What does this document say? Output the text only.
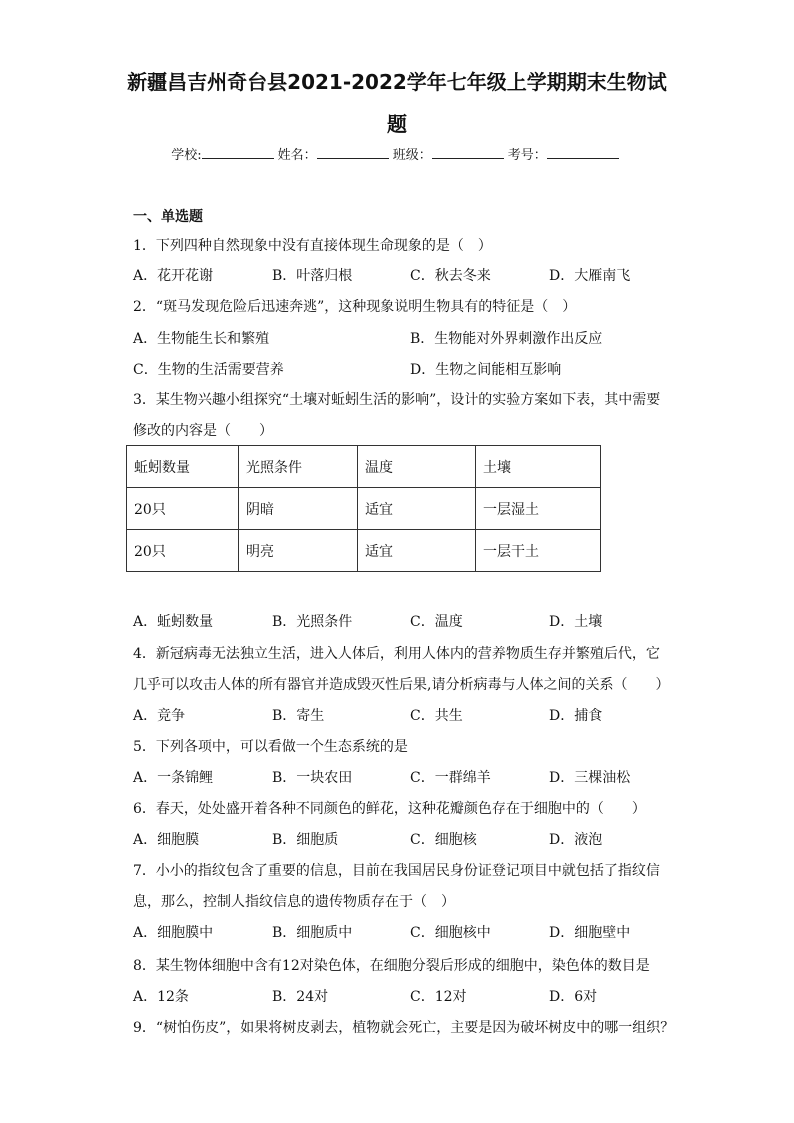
新疆昌吉州奇台县2021-2022学年七年级上学期期末生物试
题
学校:	姓名：	班级：	考号：
一、单选题
1．下列四种自然现象中没有直接体现生命现象的是（　）
A．花开花谢	B．叶落归根	C．秋去冬来	D．大雁南飞
2．“斑马发现危险后迅速奔逃”，这种现象说明生物具有的特征是（　）
A．生物能生长和繁殖	B．生物能对外界刺激作出反应
C．生物的生活需要营养	D．生物之间能相互影响
3．某生物兴趣小组探究“土壤对蚯蚓生活的影响”，设计的实验方案如下表，其中需要
修改的内容是（　　）
蚯蚓数量	光照条件	温度	土壤
20只	阴暗	适宜	一层湿土
20只	明亮	适宜	一层干土
A．蚯蚓数量	B．光照条件	C．温度	D．土壤
4．新冠病毒无法独立生活，进入人体后，利用人体内的营养物质生存并繁殖后代，它
几乎可以攻击人体的所有器官并造成毁灭性后果,请分析病毒与人体之间的关系（　　）
A．竞争	B．寄生	C．共生	D．捕食
5．下列各项中，可以看做一个生态系统的是
A．一条锦鲤	B．一块农田	C．一群绵羊	D．三棵油松
6．春天，处处盛开着各种不同颜色的鲜花，这种花瓣颜色存在于细胞中的（　　）
A．细胞膜	B．细胞质	C．细胞核	D．液泡
7．小小的指纹包含了重要的信息，目前在我国居民身份证登记项目中就包括了指纹信
息，那么，控制人指纹信息的遗传物质存在于（　）
A．细胞膜中	B．细胞质中	C．细胞核中	D．细胞壁中
8．某生物体细胞中含有12对染色体，在细胞分裂后形成的细胞中，染色体的数目是
A．12条	B．24对	C．12对	D．6对
9．“树怕伤皮”，如果将树皮剥去，植物就会死亡，主要是因为破坏树皮中的哪一组织？
